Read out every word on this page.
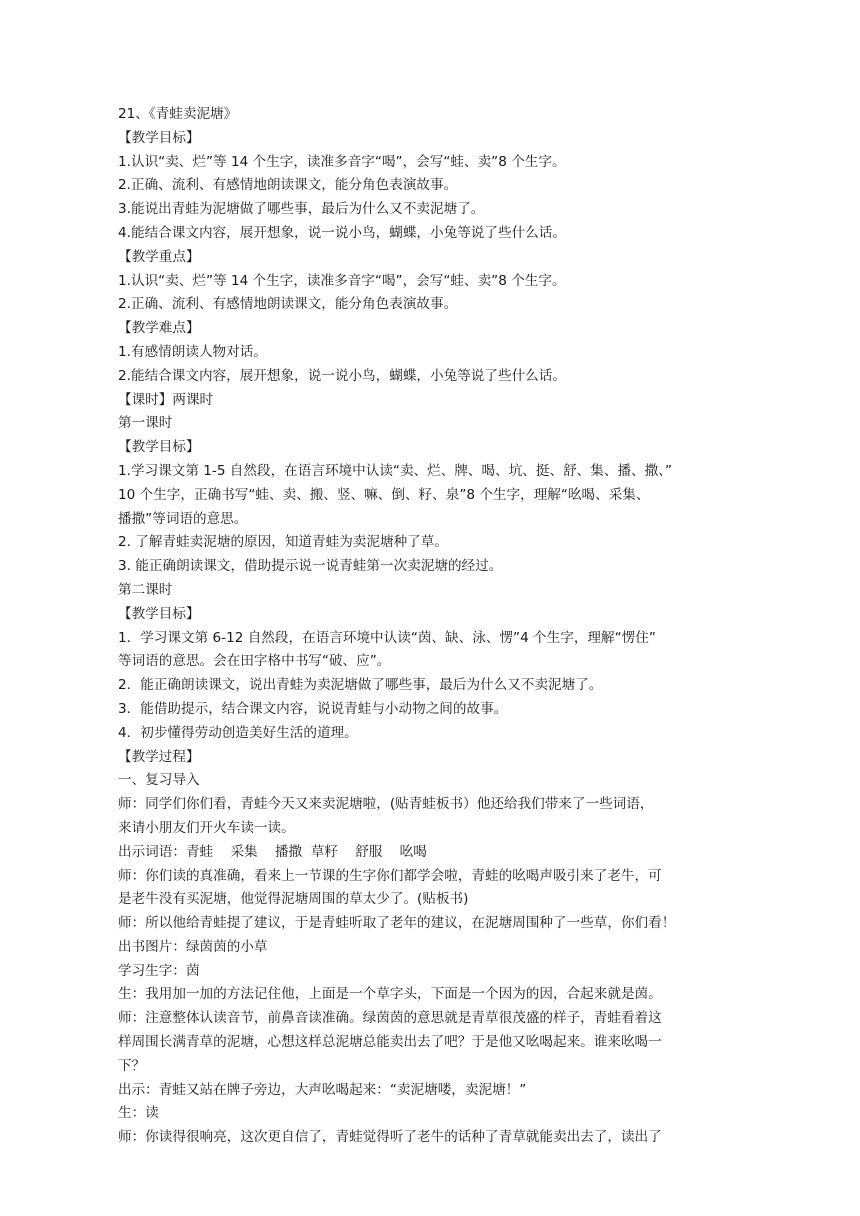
21、《青蛙卖泥塘》
【教学目标】
1.认识“卖、烂”等 14 个生字，读准多音字“喝”，会写“蛙、卖”8 个生字。
2.正确、流利、有感情地朗读课文，能分角色表演故事。
3.能说出青蛙为泥塘做了哪些事，最后为什么又不卖泥塘了。
4.能结合课文内容，展开想象，说一说小鸟，蝴蝶，小兔等说了些什么话。
【教学重点】
1.认识“卖、烂”等 14 个生字，读准多音字“喝”，会写“蛙、卖”8 个生字。
2.正确、流利、有感情地朗读课文，能分角色表演故事。
【教学难点】
1.有感情朗读人物对话。
2.能结合课文内容，展开想象，说一说小鸟，蝴蝶，小兔等说了些什么话。
【课时】两课时
第一课时
【教学目标】
1.学习课文第 1-5 自然段，在语言环境中认读“卖、烂、牌、喝、坑、挺、舒、集、播、撒、”
10 个生字，正确书写“蛙、卖、搬、竖、嘛、倒、籽、泉”8 个生字，理解“吆喝、采集、
播撒”等词语的意思。
2. 了解青蛙卖泥塘的原因，知道青蛙为卖泥塘种了草。
3. 能正确朗读课文，借助提示说一说青蛙第一次卖泥塘的经过。
第二课时
【教学目标】
1．学习课文第 6-12 自然段，在语言环境中认读“茵、缺、泳、愣”4 个生字，理解“愣住”
等词语的意思。会在田字格中书写“破、应”。
2．能正确朗读课文，说出青蛙为卖泥塘做了哪些事，最后为什么又不卖泥塘了。
3．能借助提示，结合课文内容，说说青蛙与小动物之间的故事。
4．初步懂得劳动创造美好生活的道理。
【教学过程】
一、复习导入
师：同学们你们看，青蛙今天又来卖泥塘啦，(贴青蛙板书）他还给我们带来了一些词语，
来请小朋友们开火车读一读。
出示词语：青蛙    采集    播撒  草籽    舒服    吆喝
师：你们读的真准确，看来上一节课的生字你们都学会啦，青蛙的吆喝声吸引来了老牛，可
是老牛没有买泥塘，他觉得泥塘周围的草太少了。(贴板书)
师：所以他给青蛙提了建议，于是青蛙听取了老年的建议，在泥塘周围种了一些草，你们看！
出书图片：绿茵茵的小草
学习生字：茵
生：我用加一加的方法记住他，上面是一个草字头，下面是一个因为的因，合起来就是茵。
师：注意整体认读音节，前鼻音读准确。绿茵茵的意思就是青草很茂盛的样子，青蛙看着这
样周围长满青草的泥塘，心想这样总泥塘总能卖出去了吧？于是他又吆喝起来。谁来吆喝一
下？
出示：青蛙又站在牌子旁边，大声吆喝起来：“卖泥塘喽，卖泥塘！”
生：读
师：你读得很响亮，这次更自信了，青蛙觉得听了老牛的话种了青草就能卖出去了，读出了
